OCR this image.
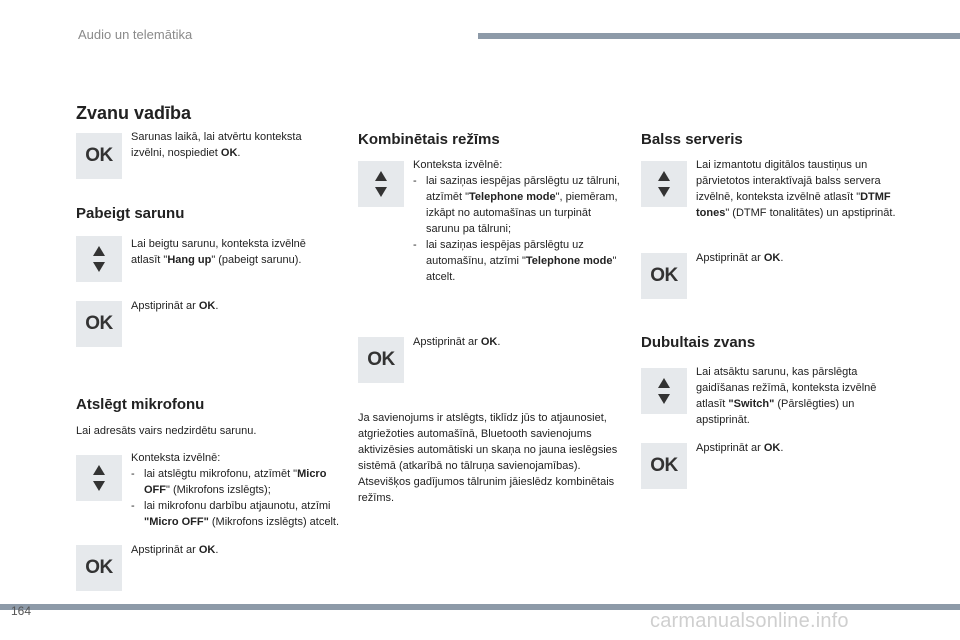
Audio un telemātika
164	carmanualsonline.info
Zvanu vadība
OK
Sarunas laikā, lai atvērtu konteksta izvēlni, nospiediet OK.
Pabeigt sarunu
Lai beigtu sarunu, konteksta izvēlnē atlasīt "Hang up" (pabeigt sarunu).
OK
Apstiprināt ar OK.
Atslēgt mikrofonu
Lai adresāts vairs nedzirdētu sarunu.
Konteksta izvēlnē:
- lai atslēgtu mikrofonu, atzīmēt "Micro OFF" (Mikrofons izslēgts);
- lai mikrofonu darbību atjaunotu, atzīmi "Micro OFF" (Mikrofons izslēgts) atcelt.
OK
Apstiprināt ar OK.
Kombinētais režīms
Konteksta izvēlnē:
- lai saziņas iespējas pārslēgtu uz tālruni, atzīmēt "Telephone mode", piemēram, izkāpt no automašīnas un turpināt sarunu pa tālruni;
- lai saziņas iespējas pārslēgtu uz automašīnu, atzīmi "Telephone mode" atcelt.
OK
Apstiprināt ar OK.
Ja savienojums ir atslēgts, tiklīdz jūs to atjaunosiet, atgriežoties automašīnā, Bluetooth savienojums aktivizēsies automātiski un skaņa no jauna ieslēgsies sistēmā (atkarībā no tālruņa savienojamības).
Atsevišķos gadījumos tālrunim jāieslēdz kombinētais režīms.
Balss serveris
Lai izmantotu digitālos taustiņus un pārvietotos interaktīvajā balss servera izvēlnē, konteksta izvēlnē atlasīt "DTMF tones" (DTMF tonalitātes) un apstiprināt.
OK
Apstiprināt ar OK.
Dubultais zvans
Lai atsāktu sarunu, kas pārslēgta gaidīšanas režīmā, konteksta izvēlnē atlasīt "Switch" (Pārslēgties) un apstiprināt.
OK
Apstiprināt ar OK.
